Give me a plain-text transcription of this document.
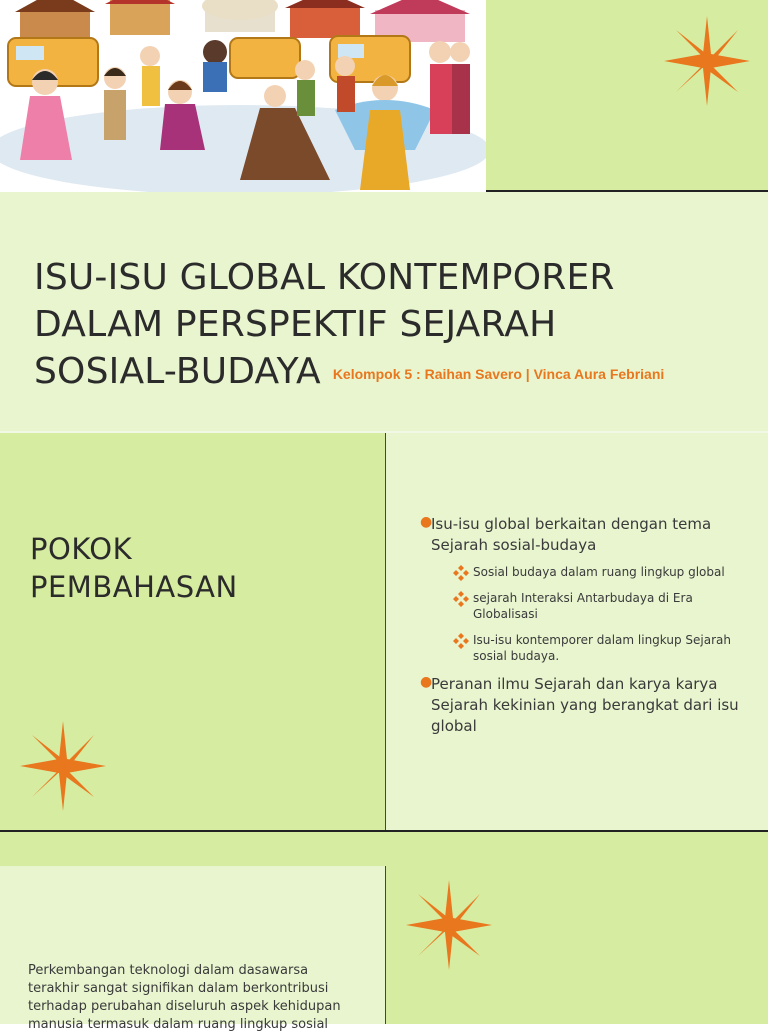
ISU-ISU GLOBAL KONTEMPORER
DALAM PERSPEKTIF SEJARAH
SOSIAL-BUDAYA Kelompok 5 : Raihan Savero | Vinca Aura Febriani
POKOK
PEMBAHASAN
●
Isu-isu global berkaitan dengan tema Sejarah sosial-budaya
Sosial budaya dalam ruang lingkup global
sejarah Interaksi Antarbudaya di Era Globalisasi
Isu-isu kontemporer dalam lingkup Sejarah sosial budaya.
●
Peranan ilmu Sejarah dan karya karya Sejarah kekinian yang berangkat dari isu global

Perkembangan teknologi dalam dasawarsa terakhir sangat signifikan dalam berkontribusi terhadap perubahan diseluruh aspek kehidupan manusia termasuk dalam ruang lingkup sosial
